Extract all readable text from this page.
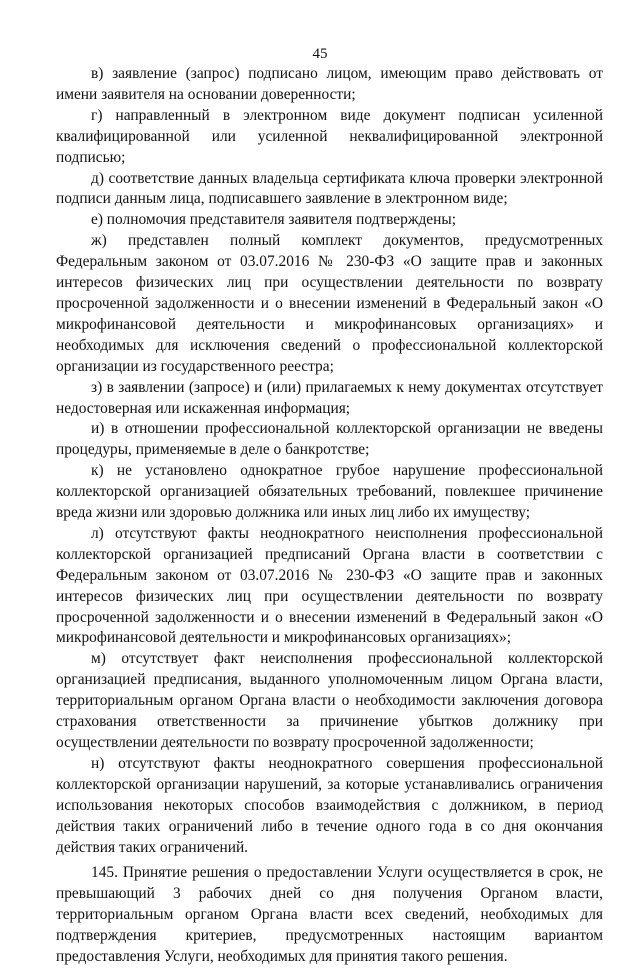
45

в) заявление (запрос) подписано лицом, имеющим право действовать от имени заявителя на основании доверенности;

г) направленный в электронном виде документ подписан усиленной квалифицированной или усиленной неквалифицированной электронной подписью;

д) соответствие данных владельца сертификата ключа проверки электронной подписи данным лица, подписавшего заявление в электронном виде;

е) полномочия представителя заявителя подтверждены;

ж) представлен полный комплект документов, предусмотренных Федеральным законом от 03.07.2016 № 230-ФЗ «О защите прав и законных интересов физических лиц при осуществлении деятельности по возврату просроченной задолженности и о внесении изменений в Федеральный закон «О микрофинансовой деятельности и микрофинансовых организациях» и необходимых для исключения сведений о профессиональной коллекторской организации из государственного реестра;

з) в заявлении (запросе) и (или) прилагаемых к нему документах отсутствует недостоверная или искаженная информация;

и) в отношении профессиональной коллекторской организации не введены процедуры, применяемые в деле о банкротстве;

к) не установлено однократное грубое нарушение профессиональной коллекторской организацией обязательных требований, повлекшее причинение вреда жизни или здоровью должника или иных лиц либо их имуществу;

л) отсутствуют факты неоднократного неисполнения профессиональной коллекторской организацией предписаний Органа власти в соответствии с Федеральным законом от 03.07.2016 № 230-ФЗ «О защите прав и законных интересов физических лиц при осуществлении деятельности по возврату просроченной задолженности и о внесении изменений в Федеральный закон «О микрофинансовой деятельности и микрофинансовых организациях»;

м) отсутствует факт неисполнения профессиональной коллекторской организацией предписания, выданного уполномоченным лицом Органа власти, территориальным органом Органа власти о необходимости заключения договора страхования ответственности за причинение убытков должнику при осуществлении деятельности по возврату просроченной задолженности;

н) отсутствуют факты неоднократного совершения профессиональной коллекторской организации нарушений, за которые устанавливались ограничения использования некоторых способов взаимодействия с должником, в период действия таких ограничений либо в течение одного года в со дня окончания действия таких ограничений.

145. Принятие решения о предоставлении Услуги осуществляется в срок, не превышающий 3 рабочих дней со дня получения Органом власти, территориальным органом Органа власти всех сведений, необходимых для подтверждения критериев, предусмотренных настоящим вариантом предоставления Услуги, необходимых для принятия такого решения.
